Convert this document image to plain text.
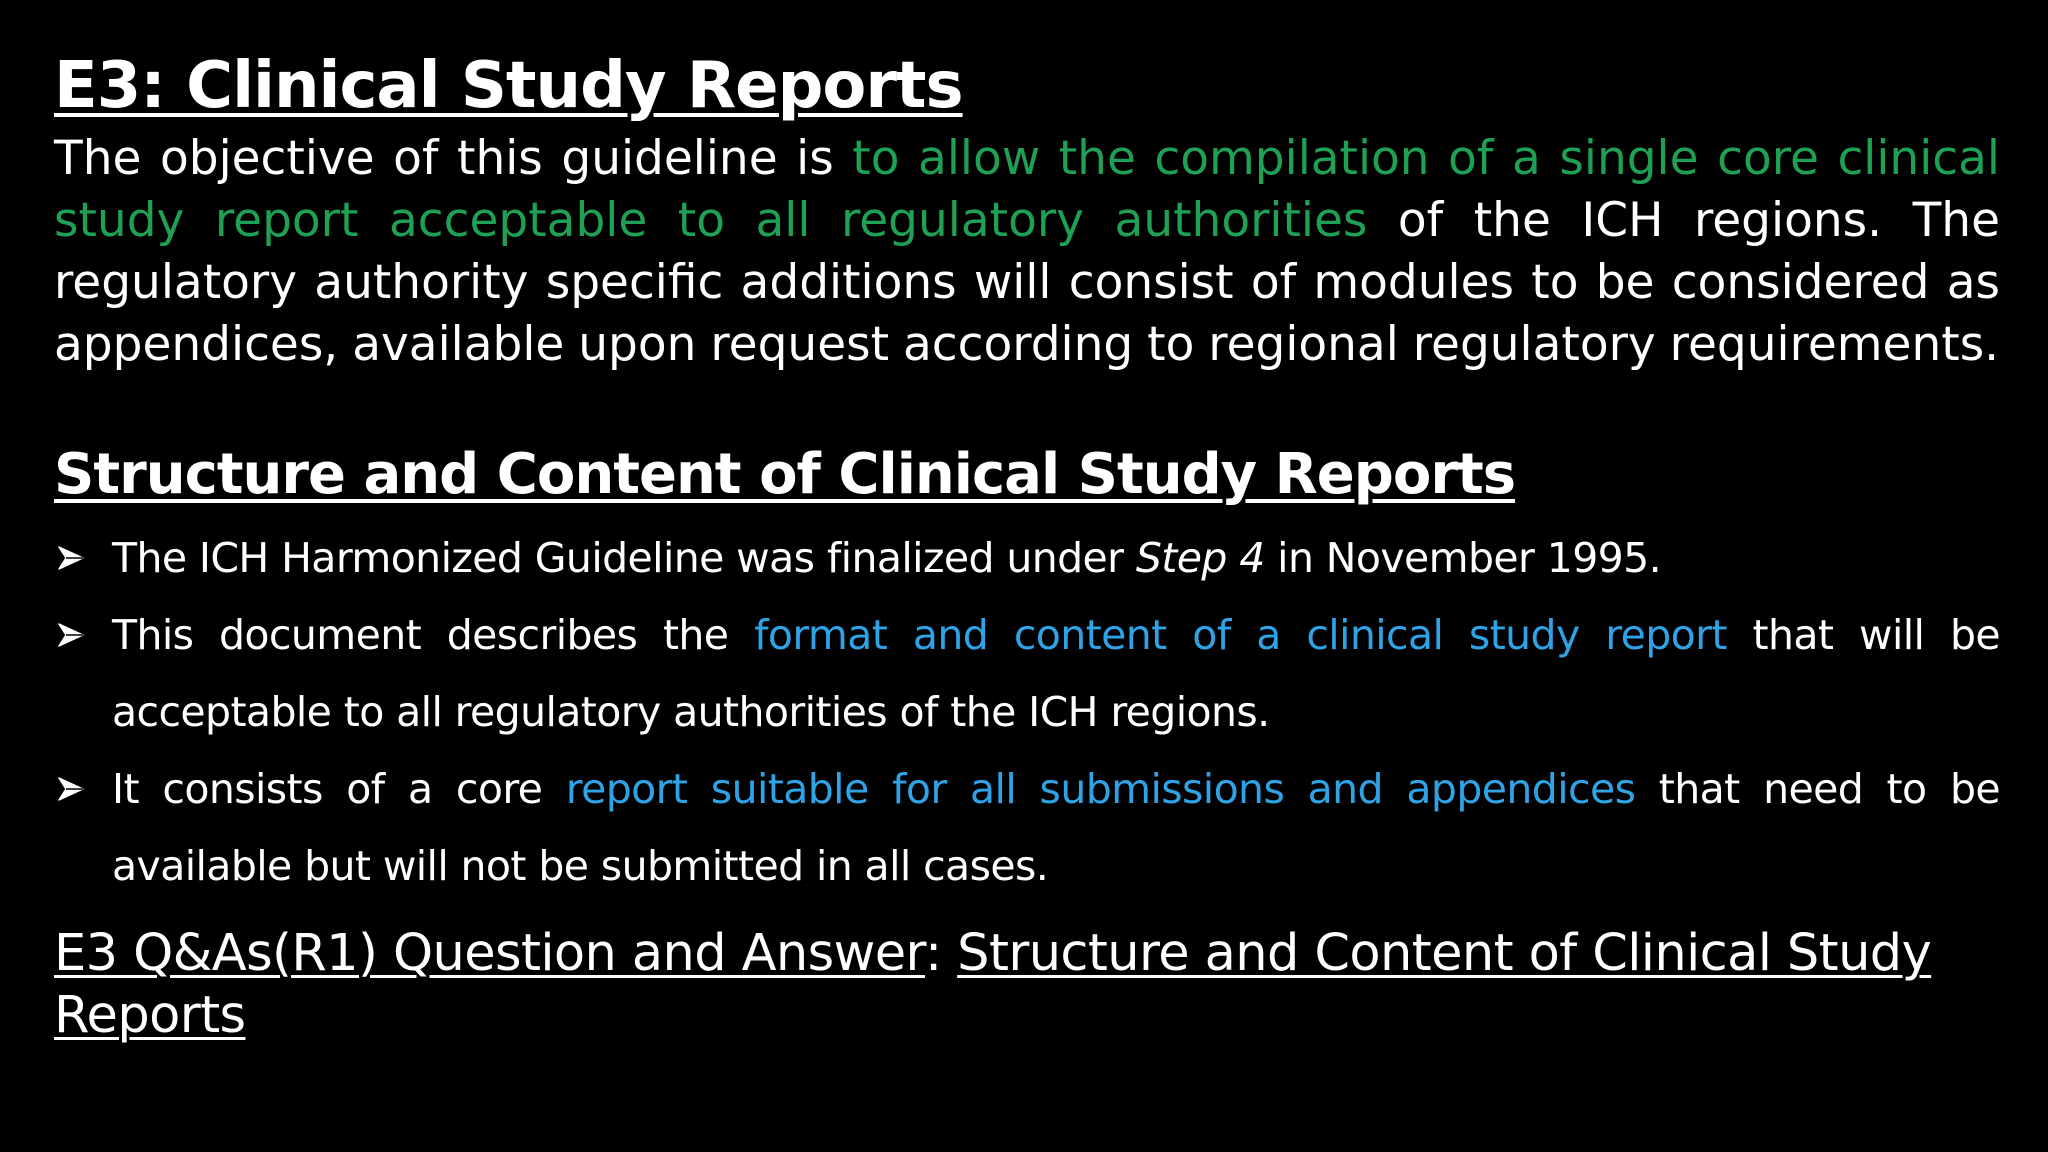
E3: Clinical Study Reports

The objective of this guideline is to allow the compilation of a single core clinical study report acceptable to all regulatory authorities of the ICH regions. The regulatory authority specific additions will consist of modules to be considered as appendices, available upon request according to regional regulatory requirements.

Structure and Content of Clinical Study Reports
The ICH Harmonized Guideline was finalized under Step 4 in November 1995.
This document describes the format and content of a clinical study report that will be acceptable to all regulatory authorities of the ICH regions.
It consists of a core report suitable for all submissions and appendices that need to be available but will not be submitted in all cases.

E3 Q&As(R1) Question and Answer: Structure and Content of Clinical Study Reports
